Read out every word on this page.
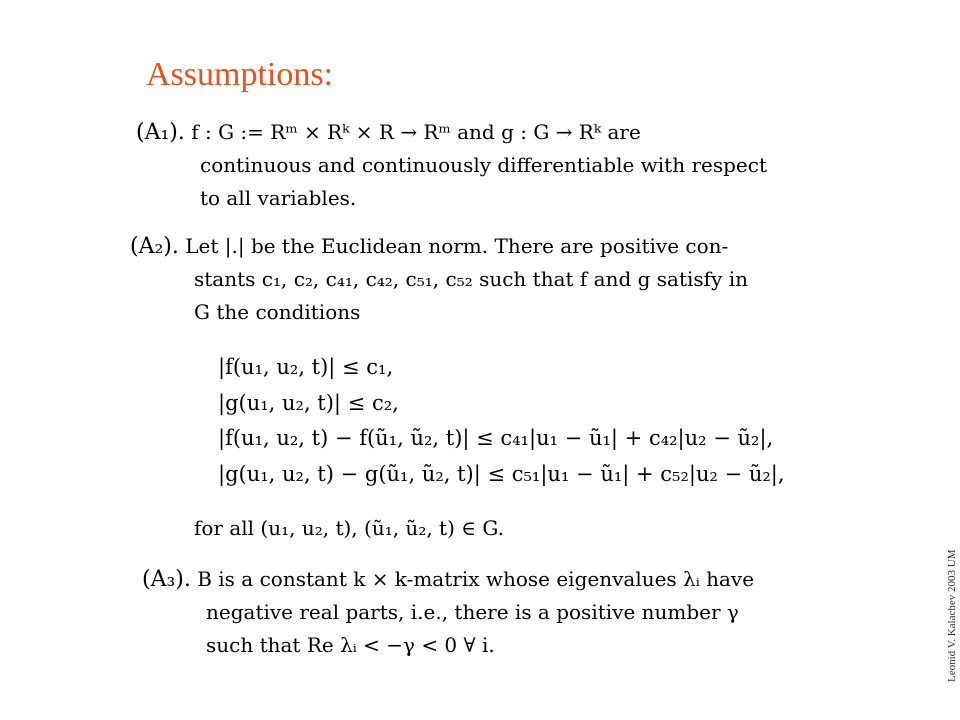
Assumptions:
(A₁). f : G := Rᵐ × Rᵏ × R → Rᵐ and g : G → Rᵏ are
continuous and continuously differentiable with respect
to all variables.
(A₂). Let |.| be the Euclidean norm. There are positive con-
stants c₁, c₂, c₄₁, c₄₂, c₅₁, c₅₂ such that f and g satisfy in
G the conditions
|f(u₁, u₂, t)| ≤ c₁,
|g(u₁, u₂, t)| ≤ c₂,
|f(u₁, u₂, t) − f(ũ₁, ũ₂, t)| ≤ c₄₁|u₁ − ũ₁| + c₄₂|u₂ − ũ₂|,
|g(u₁, u₂, t) − g(ũ₁, ũ₂, t)| ≤ c₅₁|u₁ − ũ₁| + c₅₂|u₂ − ũ₂|,
for all (u₁, u₂, t), (ũ₁, ũ₂, t) ∈ G.
(A₃). B is a constant k × k-matrix whose eigenvalues λᵢ have
negative real parts, i.e., there is a positive number γ
such that Re λᵢ < −γ < 0 ∀ i.	Leonid V. Kalachev 2003 UM
